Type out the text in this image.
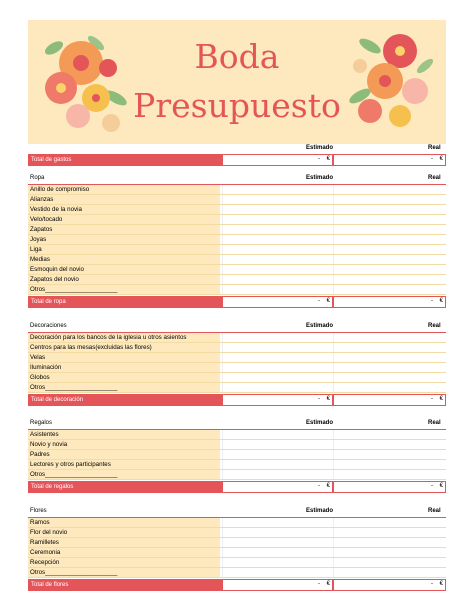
Boda
Presupuesto
Estimado	Real
Total de gastos	- €	- €
Ropa	Estimado	Real
Anillo de compromiso
Alianzas
Vestido de la novia
Velo/tocado
Zapatos
Joyas
Liga
Medias
Esmoquin del novio
Zapatos del novio
Otros_____________________
Total de ropa	- €	- €
Decoraciones	Estimado	Real
Decoración para los bancos de la iglesia u otros asientos
Centros para las mesas(excluidas las flores)
Velas
Iluminación
Globos
Otros_____________________
Total de decoración	- €	- €
Regalos	Estimado	Real
Asistentes
Novio y novia
Padres
Lectores y otros participantes
Otros_____________________
Total de regalos	- €	- €
Flores	Estimado	Real
Ramos
Flor del novio
Ramilletes
Ceremonia
Recepción
Otros_____________________
Total de flores	- €	- €
